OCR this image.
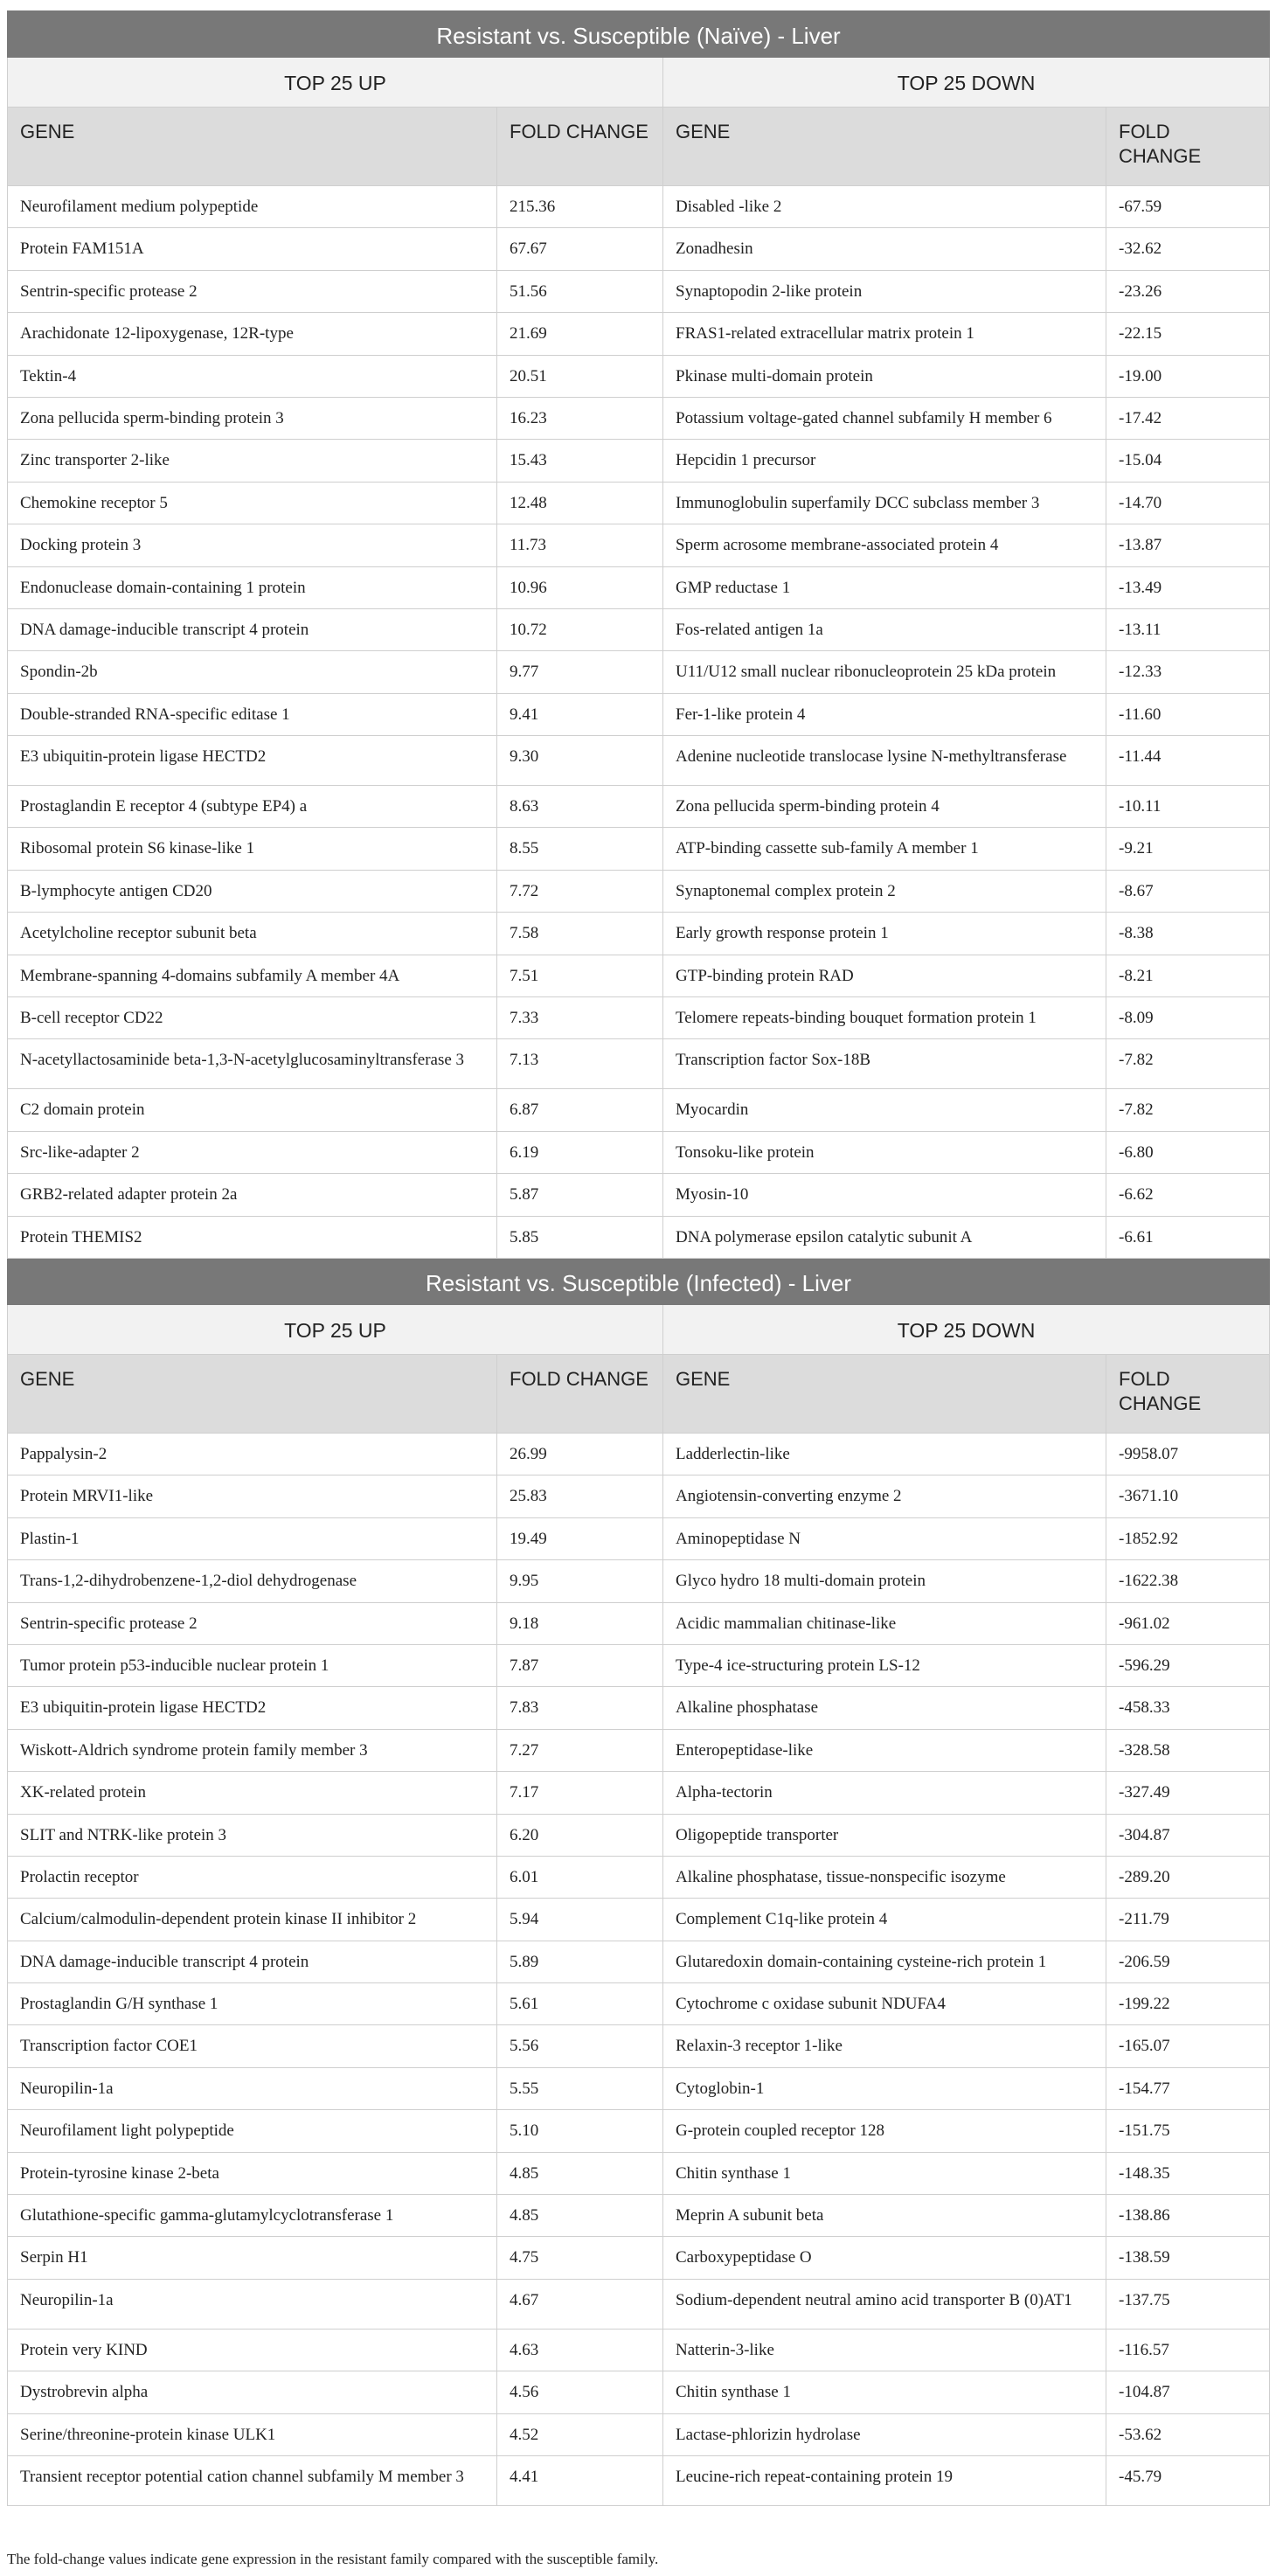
Resistant vs. Susceptible (Naïve) - Liver			
TOP 25 UP		TOP 25 DOWN	
GENE	FOLD CHANGE	GENE	FOLD CHANGE
Neurofilament medium polypeptide	215.36	Disabled -like 2	-67.59
Protein FAM151A	67.67	Zonadhesin	-32.62
Sentrin-specific protease 2	51.56	Synaptopodin 2-like protein	-23.26
Arachidonate 12-lipoxygenase, 12R-type	21.69	FRAS1-related extracellular matrix protein 1	-22.15
Tektin-4	20.51	Pkinase multi-domain protein	-19.00
Zona pellucida sperm-binding protein 3	16.23	Potassium voltage-gated channel subfamily H member 6	-17.42
Zinc transporter 2-like	15.43	Hepcidin 1 precursor	-15.04
Chemokine receptor 5	12.48	Immunoglobulin superfamily DCC subclass member 3	-14.70
Docking protein 3	11.73	Sperm acrosome membrane-associated protein 4	-13.87
Endonuclease domain-containing 1 protein	10.96	GMP reductase 1	-13.49
DNA damage-inducible transcript 4 protein	10.72	Fos-related antigen 1a	-13.11
Spondin-2b	9.77	U11/U12 small nuclear ribonucleoprotein 25 kDa protein	-12.33
Double-stranded RNA-specific editase 1	9.41	Fer-1-like protein 4	-11.60
E3 ubiquitin-protein ligase HECTD2	9.30	Adenine nucleotide translocase lysine N-methyltransferase	-11.44
Prostaglandin E receptor 4 (subtype EP4) a	8.63	Zona pellucida sperm-binding protein 4	-10.11
Ribosomal protein S6 kinase-like 1	8.55	ATP-binding cassette sub-family A member 1	-9.21
B-lymphocyte antigen CD20	7.72	Synaptonemal complex protein 2	-8.67
Acetylcholine receptor subunit beta	7.58	Early growth response protein 1	-8.38
Membrane-spanning 4-domains subfamily A member 4A	7.51	GTP-binding protein RAD	-8.21
B-cell receptor CD22	7.33	Telomere repeats-binding bouquet formation protein 1	-8.09
N-acetyllactosaminide beta-1,3-N-acetylglucosaminyltransferase 3	7.13	Transcription factor Sox-18B	-7.82
C2 domain protein	6.87	Myocardin	-7.82
Src-like-adapter 2	6.19	Tonsoku-like protein	-6.80
GRB2-related adapter protein 2a	5.87	Myosin-10	-6.62
Protein THEMIS2	5.85	DNA polymerase epsilon catalytic subunit A	-6.61
Resistant vs. Susceptible (Infected) - Liver			
TOP 25 UP		TOP 25 DOWN	
GENE	FOLD CHANGE	GENE	FOLD CHANGE
Pappalysin-2	26.99	Ladderlectin-like	-9958.07
Protein MRVI1-like	25.83	Angiotensin-converting enzyme 2	-3671.10
Plastin-1	19.49	Aminopeptidase N	-1852.92
Trans-1,2-dihydrobenzene-1,2-diol dehydrogenase	9.95	Glyco hydro 18 multi-domain protein	-1622.38
Sentrin-specific protease 2	9.18	Acidic mammalian chitinase-like	-961.02
Tumor protein p53-inducible nuclear protein 1	7.87	Type-4 ice-structuring protein LS-12	-596.29
E3 ubiquitin-protein ligase HECTD2	7.83	Alkaline phosphatase	-458.33
Wiskott-Aldrich syndrome protein family member 3	7.27	Enteropeptidase-like	-328.58
XK-related protein	7.17	Alpha-tectorin	-327.49
SLIT and NTRK-like protein 3	6.20	Oligopeptide transporter	-304.87
Prolactin receptor	6.01	Alkaline phosphatase, tissue-nonspecific isozyme	-289.20
Calcium/calmodulin-dependent protein kinase II inhibitor 2	5.94	Complement C1q-like protein 4	-211.79
DNA damage-inducible transcript 4 protein	5.89	Glutaredoxin domain-containing cysteine-rich protein 1	-206.59
Prostaglandin G/H synthase 1	5.61	Cytochrome c oxidase subunit NDUFA4	-199.22
Transcription factor COE1	5.56	Relaxin-3 receptor 1-like	-165.07
Neuropilin-1a	5.55	Cytoglobin-1	-154.77
Neurofilament light polypeptide	5.10	G-protein coupled receptor 128	-151.75
Protein-tyrosine kinase 2-beta	4.85	Chitin synthase 1	-148.35
Glutathione-specific gamma-glutamylcyclotransferase 1	4.85	Meprin A subunit beta	-138.86
Serpin H1	4.75	Carboxypeptidase O	-138.59
Neuropilin-1a	4.67	Sodium-dependent neutral amino acid transporter B (0)AT1	-137.75
Protein very KIND	4.63	Natterin-3-like	-116.57
Dystrobrevin alpha	4.56	Chitin synthase 1	-104.87
Serine/threonine-protein kinase ULK1	4.52	Lactase-phlorizin hydrolase	-53.62
Transient receptor potential cation channel subfamily M member 3	4.41	Leucine-rich repeat-containing protein 19	-45.79
The fold-change values indicate gene expression in the resistant family compared with the susceptible family.
